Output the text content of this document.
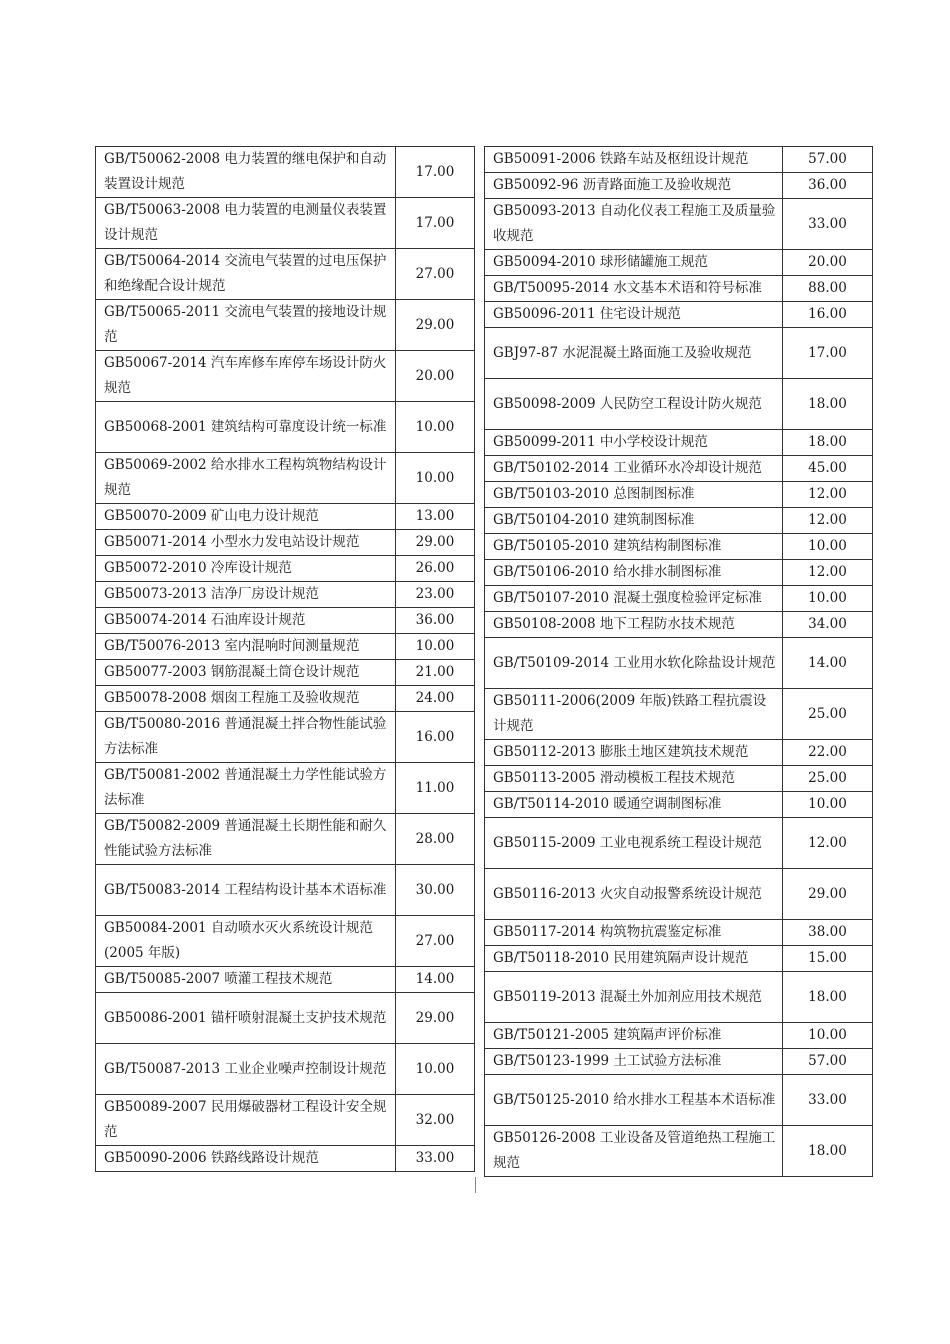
GB/T50062-2008 电力装置的继电保护和自动装置设计规范	17.00
GB/T50063-2008 电力装置的电测量仪表装置设计规范	17.00
GB/T50064-2014 交流电气装置的过电压保护和绝缘配合设计规范	27.00
GB/T50065-2011 交流电气装置的接地设计规范	29.00
GB50067-2014 汽车库修车库停车场设计防火规范	20.00
GB50068-2001 建筑结构可靠度设计统一标准	10.00
GB50069-2002 给水排水工程构筑物结构设计规范	10.00
GB50070-2009 矿山电力设计规范	13.00
GB50071-2014 小型水力发电站设计规范	29.00
GB50072-2010 冷库设计规范	26.00
GB50073-2013 洁净厂房设计规范	23.00
GB50074-2014 石油库设计规范	36.00
GB/T50076-2013 室内混响时间测量规范	10.00
GB50077-2003 钢筋混凝土筒仓设计规范	21.00
GB50078-2008 烟囱工程施工及验收规范	24.00
GB/T50080-2016 普通混凝土拌合物性能试验方法标准	16.00
GB/T50081-2002 普通混凝土力学性能试验方法标准	11.00
GB/T50082-2009 普通混凝土长期性能和耐久性能试验方法标准	28.00
GB/T50083-2014 工程结构设计基本术语标准	30.00
GB50084-2001 自动喷水灭火系统设计规范(2005 年版)	27.00
GB/T50085-2007 喷灌工程技术规范	14.00
GB50086-2001 锚杆喷射混凝土支护技术规范	29.00
GB/T50087-2013 工业企业噪声控制设计规范	10.00
GB50089-2007 民用爆破器材工程设计安全规范	32.00
GB50090-2006 铁路线路设计规范	33.00
GB50091-2006 铁路车站及枢纽设计规范	57.00
GB50092-96 沥青路面施工及验收规范	36.00
GB50093-2013 自动化仪表工程施工及质量验收规范	33.00
GB50094-2010 球形储罐施工规范	20.00
GB/T50095-2014 水文基本术语和符号标准	88.00
GB50096-2011 住宅设计规范	16.00
GBJ97-87 水泥混凝土路面施工及验收规范	17.00
GB50098-2009 人民防空工程设计防火规范	18.00
GB50099-2011 中小学校设计规范	18.00
GB/T50102-2014 工业循环水冷却设计规范	45.00
GB/T50103-2010 总图制图标准	12.00
GB/T50104-2010 建筑制图标准	12.00
GB/T50105-2010 建筑结构制图标准	10.00
GB/T50106-2010 给水排水制图标准	12.00
GB/T50107-2010 混凝土强度检验评定标准	10.00
GB50108-2008 地下工程防水技术规范	34.00
GB/T50109-2014 工业用水软化除盐设计规范	14.00
GB50111-2006(2009 年版)铁路工程抗震设计规范	25.00
GB50112-2013 膨胀土地区建筑技术规范	22.00
GB50113-2005 滑动模板工程技术规范	25.00
GB/T50114-2010 暖通空调制图标准	10.00
GB50115-2009 工业电视系统工程设计规范	12.00
GB50116-2013 火灾自动报警系统设计规范	29.00
GB50117-2014 构筑物抗震鉴定标准	38.00
GB/T50118-2010 民用建筑隔声设计规范	15.00
GB50119-2013 混凝土外加剂应用技术规范	18.00
GB/T50121-2005 建筑隔声评价标准	10.00
GB/T50123-1999 土工试验方法标准	57.00
GB/T50125-2010 给水排水工程基本术语标准	33.00
GB50126-2008 工业设备及管道绝热工程施工规范	18.00
